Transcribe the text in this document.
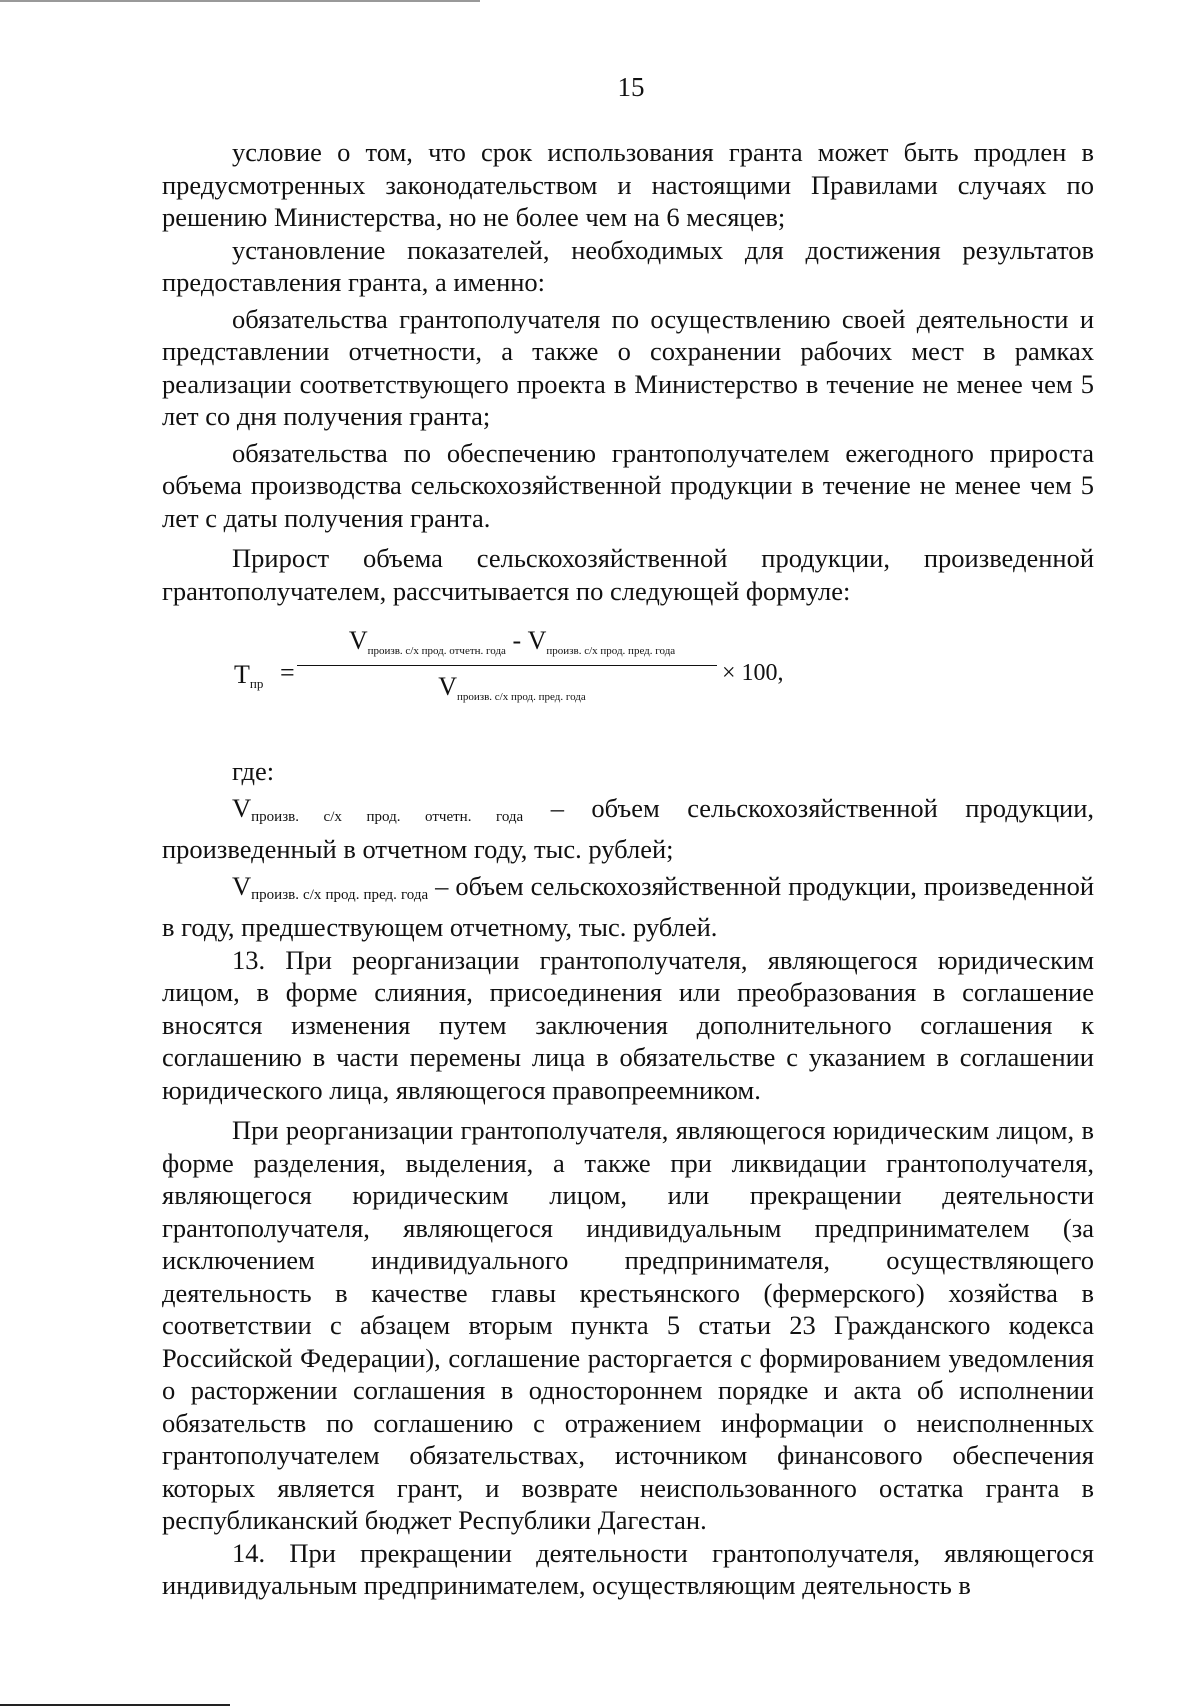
15

условие о том, что срок использования гранта может быть продлен в предусмотренных законодательством и настоящими Правилами случаях по решению Министерства, но не более чем на 6 месяцев;

установление показателей, необходимых для достижения результатов предоставления гранта, а именно:

обязательства грантополучателя по осуществлению своей деятельности и представлении отчетности, а также о сохранении рабочих мест в рамках реализации соответствующего проекта в Министерство в течение не менее чем 5 лет со дня получения гранта;

обязательства по обеспечению грантополучателем ежегодного прироста объема производства сельскохозяйственной продукции в течение не менее чем 5 лет с даты получения гранта.

Прирост объема сельскохозяйственной продукции, произведенной грантополучателем, рассчитывается по следующей формуле:

$T_{пр}$ =
$V_{произв. с/х прод. отчетн. года} - V_{произв. с/х прод. пред. года}$
$V_{произв. с/х прод. пред. года}$
× 100,

где:

$V_{произв. с/х прод. отчетн. года}$ – объем сельскохозяйственной продукции, произведенный в отчетном году, тыс. рублей;

$V_{произв. с/х прод. пред. года}$ – объем сельскохозяйственной продукции, произведенной в году, предшествующем отчетному, тыс. рублей.

13. При реорганизации грантополучателя, являющегося юридическим лицом, в форме слияния, присоединения или преобразования в соглашение вносятся изменения путем заключения дополнительного соглашения к соглашению в части перемены лица в обязательстве с указанием в соглашении юридического лица, являющегося правопреемником.

При реорганизации грантополучателя, являющегося юридическим лицом, в форме разделения, выделения, а также при ликвидации грантополучателя, являющегося юридическим лицом, или прекращении деятельности грантополучателя, являющегося индивидуальным предпринимателем (за исключением индивидуального предпринимателя, осуществляющего деятельность в качестве главы крестьянского (фермерского) хозяйства в соответствии с абзацем вторым пункта 5 статьи 23 Гражданского кодекса Российской Федерации), соглашение расторгается с формированием уведомления о расторжении соглашения в одностороннем порядке и акта об исполнении обязательств по соглашению с отражением информации о неисполненных грантополучателем обязательствах, источником финансового обеспечения которых является грант, и возврате неиспользованного остатка гранта в республиканский бюджет Республики Дагестан.

14. При прекращении деятельности грантополучателя, являющегося индивидуальным предпринимателем, осуществляющим деятельность в
